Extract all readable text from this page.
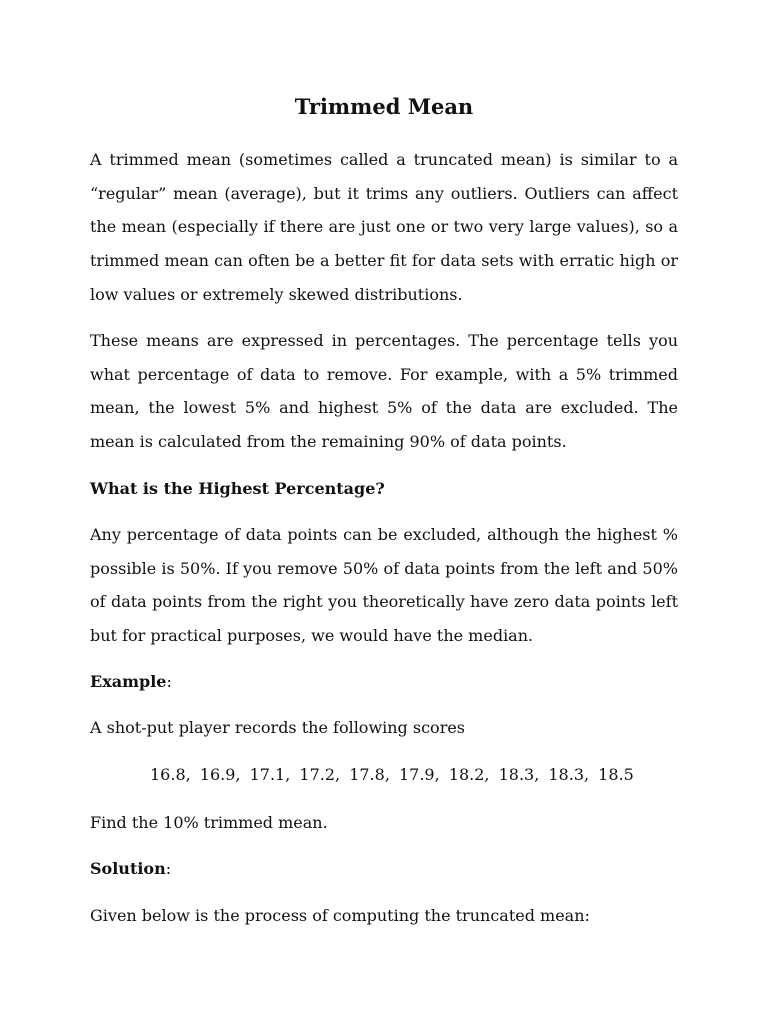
Trimmed Mean

A trimmed mean (sometimes called a truncated mean) is similar to a “regular” mean (average), but it trims any outliers. Outliers can affect the mean (especially if there are just one or two very large values), so a trimmed mean can often be a better fit for data sets with erratic high or low values or extremely skewed distributions.

These means are expressed in percentages. The percentage tells you what percentage of data to remove. For example, with a 5% trimmed mean, the lowest 5% and highest 5% of the data are excluded. The mean is calculated from the remaining 90% of data points.

What is the Highest Percentage?

Any percentage of data points can be excluded, although the highest % possible is 50%. If you remove 50% of data points from the left and 50% of data points from the right you theoretically have zero data points left but for practical purposes, we would have the median.

Example:

A shot-put player records the following scores

16.8, 16.9, 17.1, 17.2, 17.8, 17.9, 18.2, 18.3, 18.3, 18.5

Find the 10% trimmed mean.

Solution:

Given below is the process of computing the truncated mean:
